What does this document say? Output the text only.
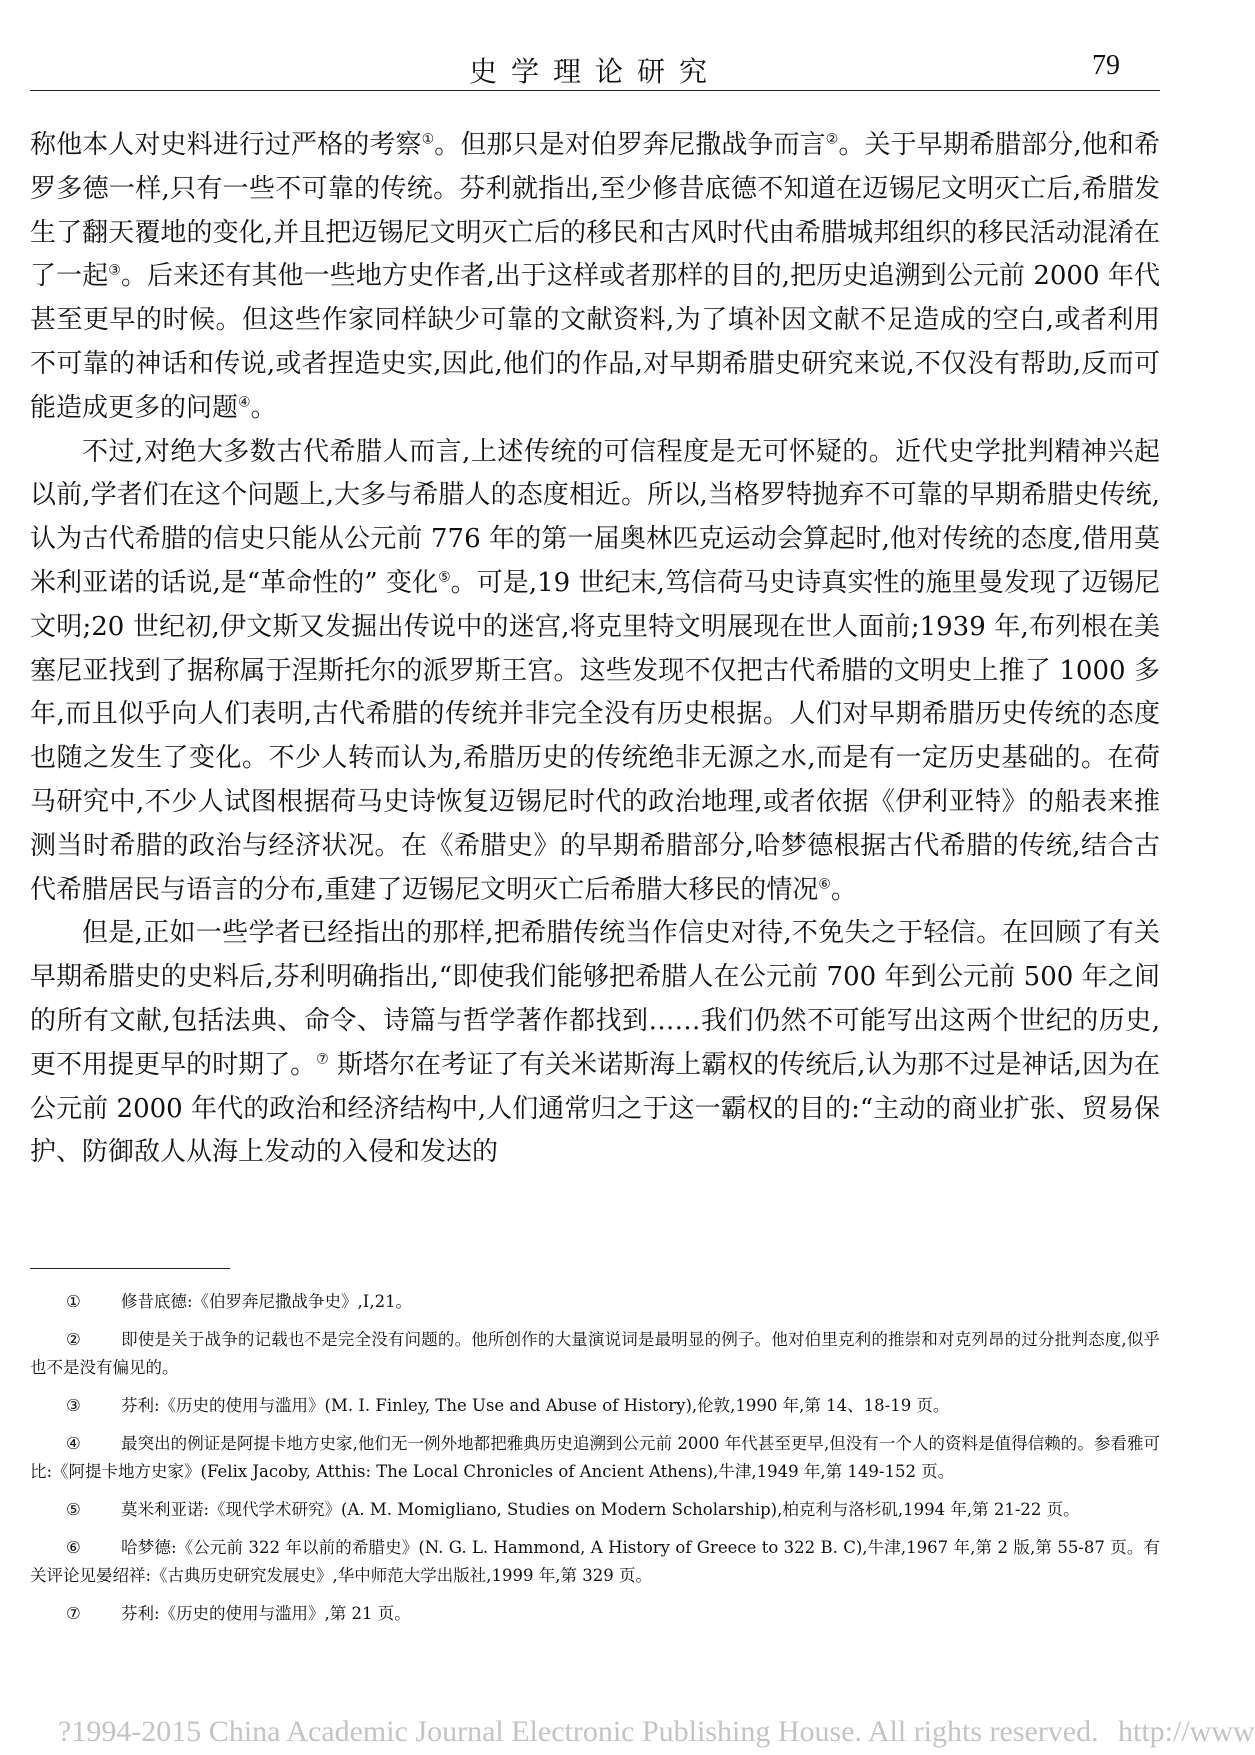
史学理论研究	79

称他本人对史料进行过严格的考察①。但那只是对伯罗奔尼撒战争而言②。关于早期希腊部分,他和希罗多德一样,只有一些不可靠的传统。芬利就指出,至少修昔底德不知道在迈锡尼文明灭亡后,希腊发生了翻天覆地的变化,并且把迈锡尼文明灭亡后的移民和古风时代由希腊城邦组织的移民活动混淆在了一起③。后来还有其他一些地方史作者,出于这样或者那样的目的,把历史追溯到公元前 2000 年代甚至更早的时候。但这些作家同样缺少可靠的文献资料,为了填补因文献不足造成的空白,或者利用不可靠的神话和传说,或者捏造史实,因此,他们的作品,对早期希腊史研究来说,不仅没有帮助,反而可能造成更多的问题④。

不过,对绝大多数古代希腊人而言,上述传统的可信程度是无可怀疑的。近代史学批判精神兴起以前,学者们在这个问题上,大多与希腊人的态度相近。所以,当格罗特抛弃不可靠的早期希腊史传统,认为古代希腊的信史只能从公元前 776 年的第一届奥林匹克运动会算起时,他对传统的态度,借用莫米利亚诺的话说,是“革命性的” 变化⑤。可是,19 世纪末,笃信荷马史诗真实性的施里曼发现了迈锡尼文明;20 世纪初,伊文斯又发掘出传说中的迷宫,将克里特文明展现在世人面前;1939 年,布列根在美塞尼亚找到了据称属于涅斯托尔的派罗斯王宫。这些发现不仅把古代希腊的文明史上推了 1000 多年,而且似乎向人们表明,古代希腊的传统并非完全没有历史根据。人们对早期希腊历史传统的态度也随之发生了变化。不少人转而认为,希腊历史的传统绝非无源之水,而是有一定历史基础的。在荷马研究中,不少人试图根据荷马史诗恢复迈锡尼时代的政治地理,或者依据《伊利亚特》的船表来推测当时希腊的政治与经济状况。在《希腊史》的早期希腊部分,哈梦德根据古代希腊的传统,结合古代希腊居民与语言的分布,重建了迈锡尼文明灭亡后希腊大移民的情况⑥。

但是,正如一些学者已经指出的那样,把希腊传统当作信史对待,不免失之于轻信。在回顾了有关早期希腊史的史料后,芬利明确指出,“即使我们能够把希腊人在公元前 700 年到公元前 500 年之间的所有文献,包括法典、命令、诗篇与哲学著作都找到……我们仍然不可能写出这两个世纪的历史,更不用提更早的时期了。⑦ 斯塔尔在考证了有关米诺斯海上霸权的传统后,认为那不过是神话,因为在公元前 2000 年代的政治和经济结构中,人们通常归之于这一霸权的目的:“主动的商业扩张、贸易保护、防御敌人从海上发动的入侵和发达的

① 修昔底德:《伯罗奔尼撒战争史》,I,21。

② 即使是关于战争的记载也不是完全没有问题的。他所创作的大量演说词是最明显的例子。他对伯里克利的推崇和对克列昂的过分批判态度,似乎也不是没有偏见的。

③ 芬利:《历史的使用与滥用》(M. I. Finley, The Use and Abuse of History),伦敦,1990 年,第 14、18-19 页。

④ 最突出的例证是阿提卡地方史家,他们无一例外地都把雅典历史追溯到公元前 2000 年代甚至更早,但没有一个人的资料是值得信赖的。参看雅可比:《阿提卡地方史家》(Felix Jacoby, Atthis: The Local Chronicles of Ancient Athens),牛津,1949 年,第 149-152 页。

⑤ 莫米利亚诺:《现代学术研究》(A. M. Momigliano, Studies on Modern Scholarship),柏克利与洛杉矶,1994 年,第 21-22 页。

⑥ 哈梦德:《公元前 322 年以前的希腊史》(N. G. L. Hammond, A History of Greece to 322 B. C),牛津,1967 年,第 2 版,第 55-87 页。有关评论见晏绍祥:《古典历史研究发展史》,华中师范大学出版社,1999 年,第 329 页。

⑦ 芬利:《历史的使用与滥用》,第 21 页。

?1994-2015 China Academic Journal Electronic Publishing House. All rights reserved. http://www
